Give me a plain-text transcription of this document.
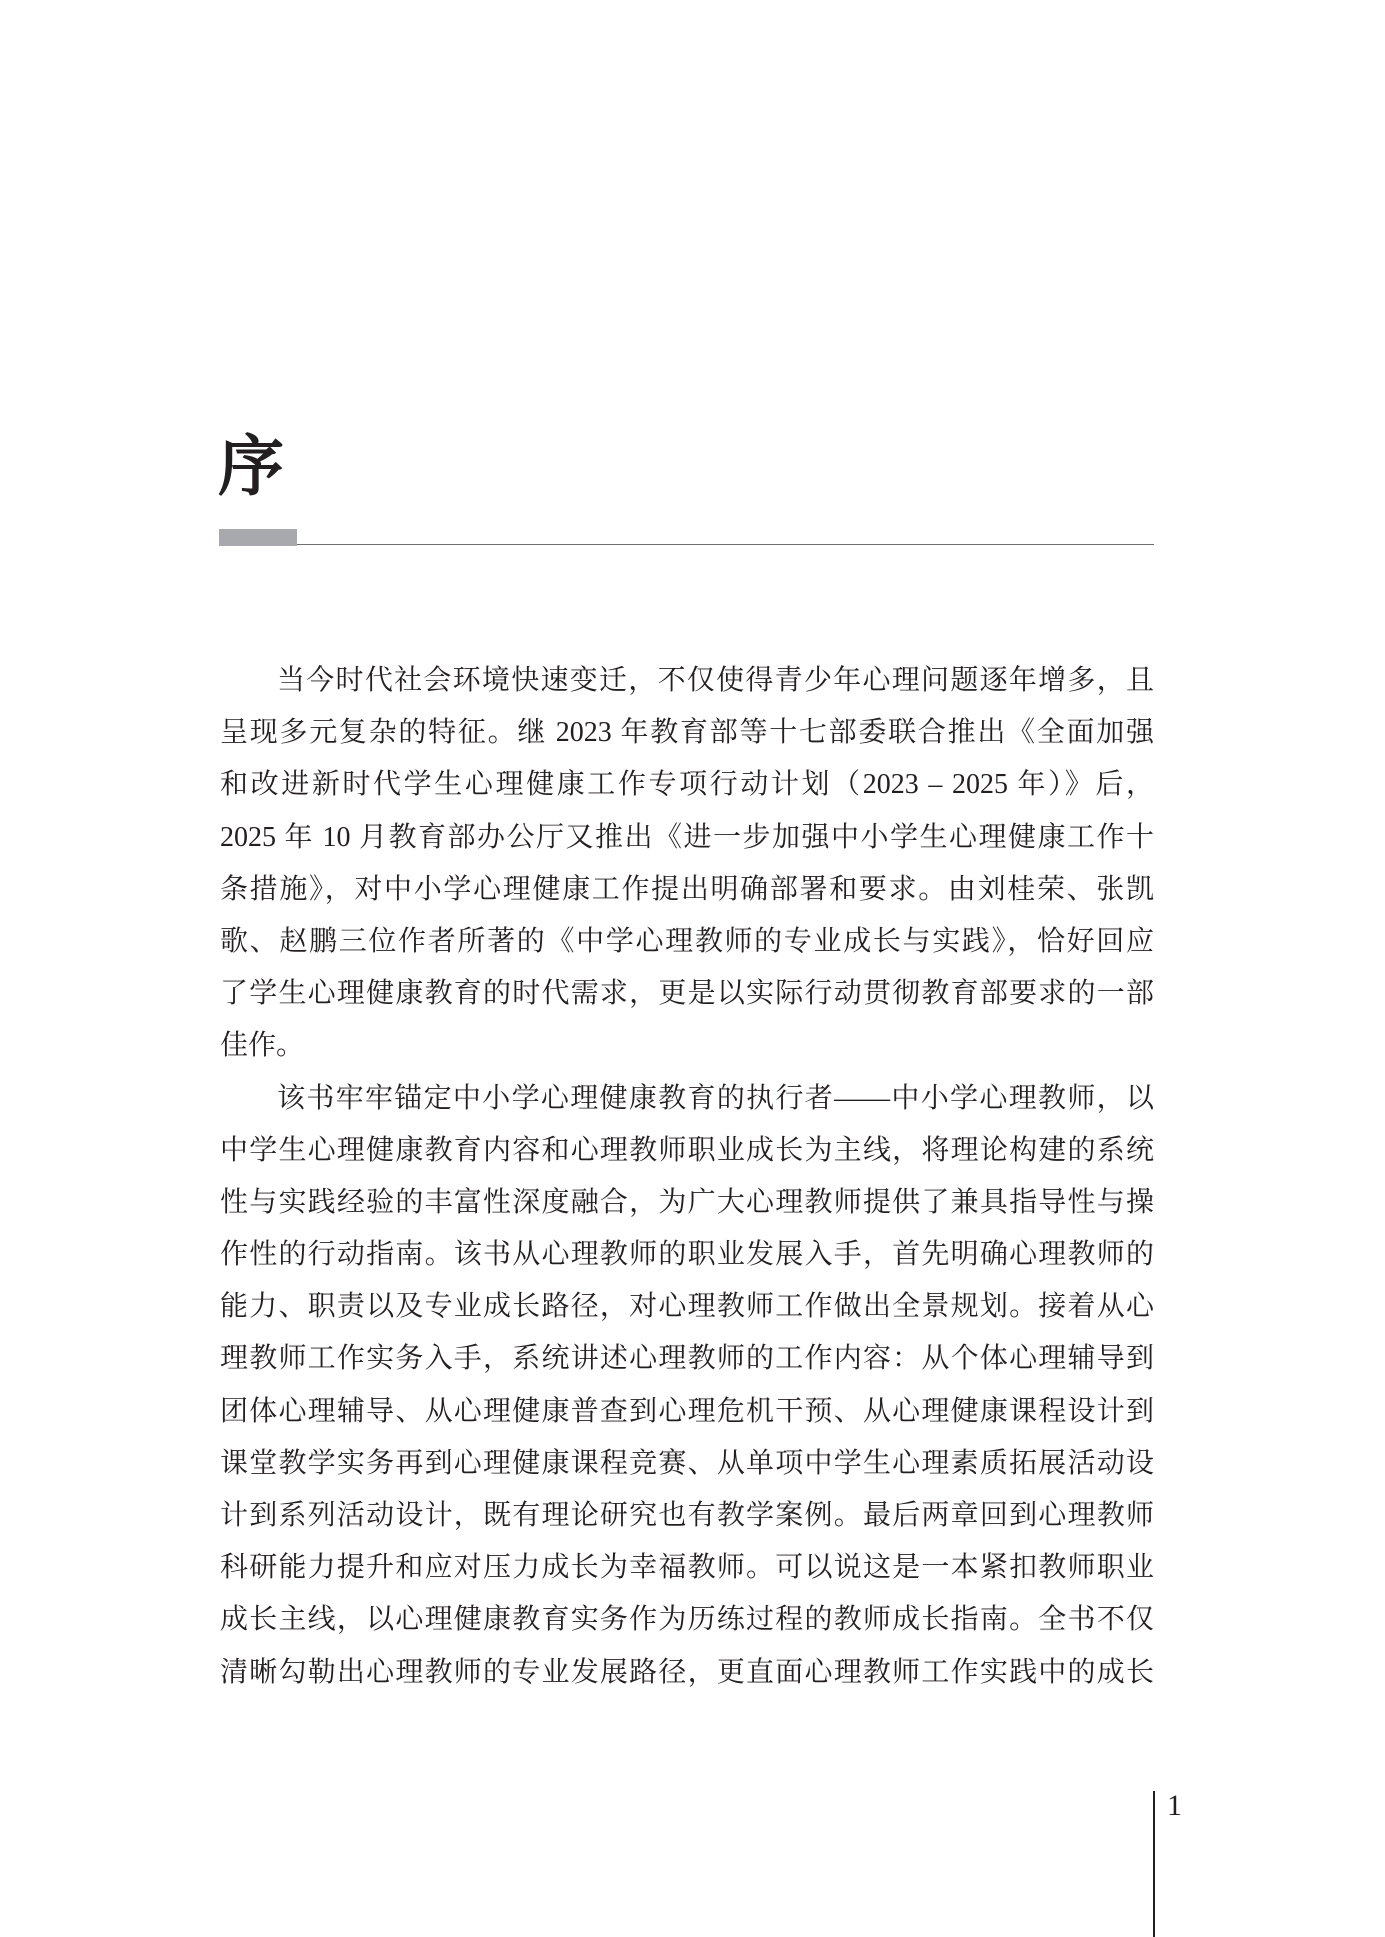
序
当今时代社会环境快速变迁，不仅使得青少年心理问题逐年增多，且
呈现多元复杂的特征。继 2023 年教育部等十七部委联合推出《全面加强
和改进新时代学生心理健康工作专项行动计划（2023 – 2025 年）》后，
2025 年 10 月教育部办公厅又推出《进一步加强中小学生心理健康工作十
条措施》，对中小学心理健康工作提出明确部署和要求。由刘桂荣、张凯
歌、赵鹏三位作者所著的《中学心理教师的专业成长与实践》，恰好回应
了学生心理健康教育的时代需求，更是以实际行动贯彻教育部要求的一部
佳作。
该书牢牢锚定中小学心理健康教育的执行者——中小学心理教师，以
中学生心理健康教育内容和心理教师职业成长为主线，将理论构建的系统
性与实践经验的丰富性深度融合，为广大心理教师提供了兼具指导性与操
作性的行动指南。该书从心理教师的职业发展入手，首先明确心理教师的
能力、职责以及专业成长路径，对心理教师工作做出全景规划。接着从心
理教师工作实务入手，系统讲述心理教师的工作内容：从个体心理辅导到
团体心理辅导、从心理健康普查到心理危机干预、从心理健康课程设计到
课堂教学实务再到心理健康课程竞赛、从单项中学生心理素质拓展活动设
计到系列活动设计，既有理论研究也有教学案例。最后两章回到心理教师
科研能力提升和应对压力成长为幸福教师。可以说这是一本紧扣教师职业
成长主线，以心理健康教育实务作为历练过程的教师成长指南。全书不仅
清晰勾勒出心理教师的专业发展路径，更直面心理教师工作实践中的成长
1
